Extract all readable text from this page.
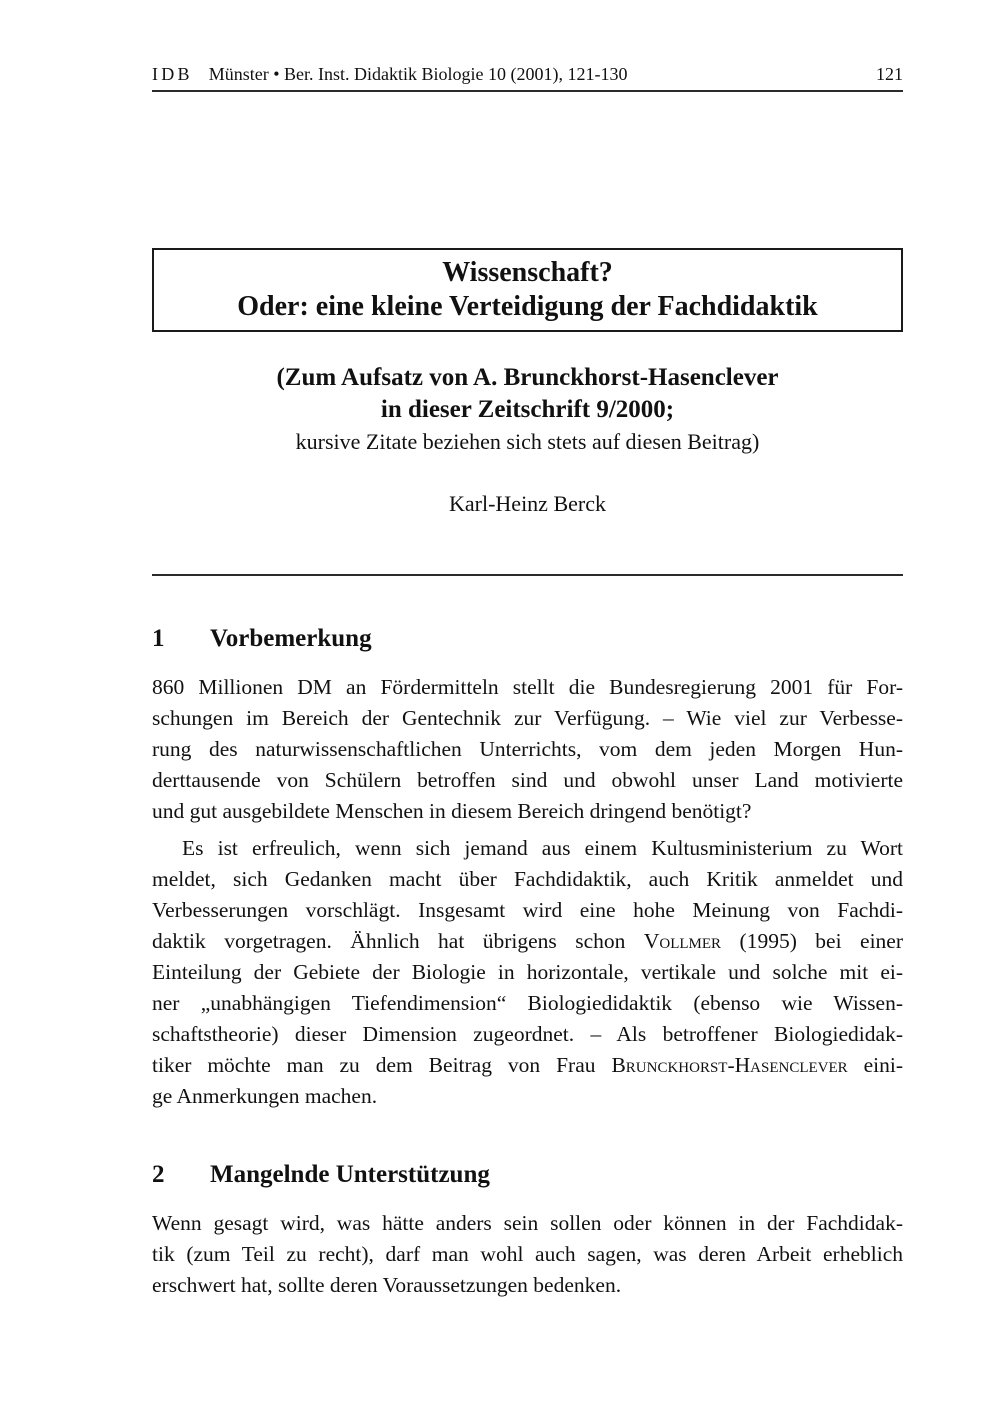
IDB Münster • Ber. Inst. Didaktik Biologie 10 (2001), 121-130	121
Wissenschaft?
Oder: eine kleine Verteidigung der Fachdidaktik
(Zum Aufsatz von A. Brunckhorst-Hasenclever
in dieser Zeitschrift 9/2000;
kursive Zitate beziehen sich stets auf diesen Beitrag)
Karl-Heinz Berck
1	Vorbemerkung
860 Millionen DM an Fördermitteln stellt die Bundesregierung 2001 für For-
schungen im Bereich der Gentechnik zur Verfügung. – Wie viel zur Verbesse-
rung des naturwissenschaftlichen Unterrichts, vom dem jeden Morgen Hun-
derttausende von Schülern betroffen sind und obwohl unser Land motivierte
und gut ausgebildete Menschen in diesem Bereich dringend benötigt?
Es ist erfreulich, wenn sich jemand aus einem Kultusministerium zu Wort
meldet, sich Gedanken macht über Fachdidaktik, auch Kritik anmeldet und
Verbesserungen vorschlägt. Insgesamt wird eine hohe Meinung von Fachdi-
daktik vorgetragen. Ähnlich hat übrigens schon Vollmer (1995) bei einer
Einteilung der Gebiete der Biologie in horizontale, vertikale und solche mit ei-
ner „unabhängigen Tiefendimension“ Biologiedidaktik (ebenso wie Wissen-
schaftstheorie) dieser Dimension zugeordnet. – Als betroffener Biologiedidak-
tiker möchte man zu dem Beitrag von Frau Brunckhorst-Hasenclever eini-
ge Anmerkungen machen.
2	Mangelnde Unterstützung
Wenn gesagt wird, was hätte anders sein sollen oder können in der Fachdidak-
tik (zum Teil zu recht), darf man wohl auch sagen, was deren Arbeit erheblich
erschwert hat, sollte deren Voraussetzungen bedenken.
